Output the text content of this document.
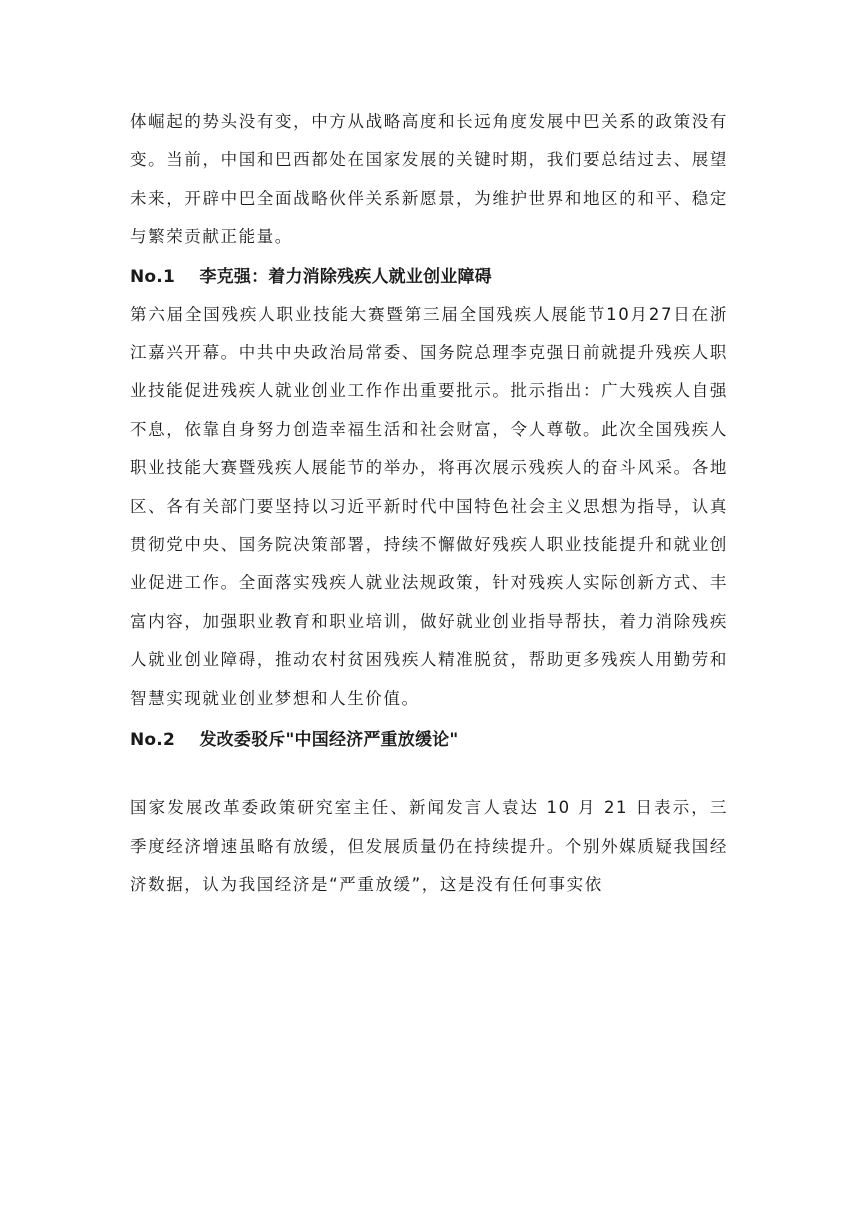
体崛起的势头没有变，中方从战略高度和长远角度发展中巴关系的政策没有变。当前，中国和巴西都处在国家发展的关键时期，我们要总结过去、展望未来，开辟中巴全面战略伙伴关系新愿景，为维护世界和地区的和平、稳定与繁荣贡献正能量。

No.1 李克强：着力消除残疾人就业创业障碍

第六届全国残疾人职业技能大赛暨第三届全国残疾人展能节10月27日在浙江嘉兴开幕。中共中央政治局常委、国务院总理李克强日前就提升残疾人职业技能促进残疾人就业创业工作作出重要批示。批示指出：广大残疾人自强不息，依靠自身努力创造幸福生活和社会财富，令人尊敬。此次全国残疾人职业技能大赛暨残疾人展能节的举办，将再次展示残疾人的奋斗风采。各地区、各有关部门要坚持以习近平新时代中国特色社会主义思想为指导，认真贯彻党中央、国务院决策部署，持续不懈做好残疾人职业技能提升和就业创业促进工作。全面落实残疾人就业法规政策，针对残疾人实际创新方式、丰富内容，加强职业教育和职业培训，做好就业创业指导帮扶，着力消除残疾人就业创业障碍，推动农村贫困残疾人精准脱贫，帮助更多残疾人用勤劳和智慧实现就业创业梦想和人生价值。

No.2 发改委驳斥"中国经济严重放缓论"

国家发展改革委政策研究室主任、新闻发言人袁达 10 月 21 日表示，三季度经济增速虽略有放缓，但发展质量仍在持续提升。个别外媒质疑我国经济数据，认为我国经济是“严重放缓”，这是没有任何事实依
